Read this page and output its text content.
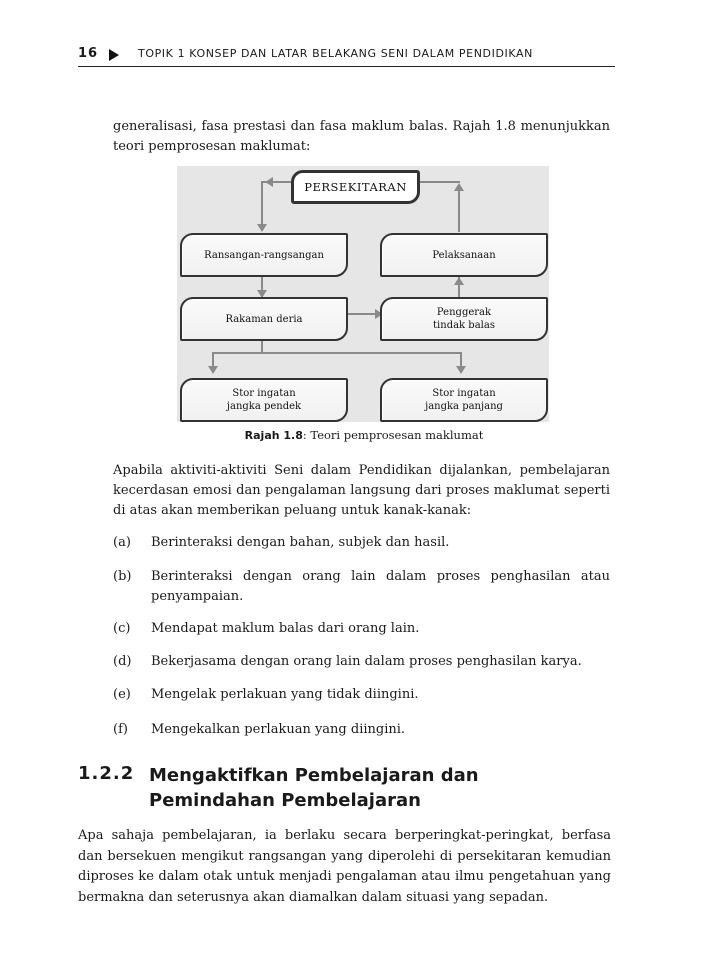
16	TOPIK 1 KONSEP DAN LATAR BELAKANG SENI DALAM PENDIDIKAN

generalisasi, fasa prestasi dan fasa maklum balas. Rajah 1.8 menunjukkan teori pemprosesan maklumat:

PERSEKITARAN
Ransangan-rangsangan	Pelaksanaan
Rakaman deria
Penggerak
tindak balas
Stor ingatan
jangka pendek
Stor ingatan
jangka panjang
Rajah 1.8: Teori pemprosesan maklumat

Apabila aktiviti-aktiviti Seni dalam Pendidikan dijalankan, pembelajaran kecerdasan emosi dan pengalaman langsung dari proses maklumat seperti di atas akan memberikan peluang untuk kanak-kanak:

(a) Berinteraksi dengan bahan, subjek dan hasil.
(b) Berinteraksi dengan orang lain dalam proses penghasilan atau penyampaian.
(c) Mendapat maklum balas dari orang lain.
(d) Bekerjasama dengan orang lain dalam proses penghasilan karya.
(e) Mengelak perlakuan yang tidak diingini.
(f) Mengekalkan perlakuan yang diingini.
1.2.2 Mengaktifkan Pembelajaran dan Pemindahan Pembelajaran

Apa sahaja pembelajaran, ia berlaku secara berperingkat-peringkat, berfasa dan bersekuen mengikut rangsangan yang diperolehi di persekitaran kemudian diproses ke dalam otak untuk menjadi pengalaman atau ilmu pengetahuan yang bermakna dan seterusnya akan diamalkan dalam situasi yang sepadan.
